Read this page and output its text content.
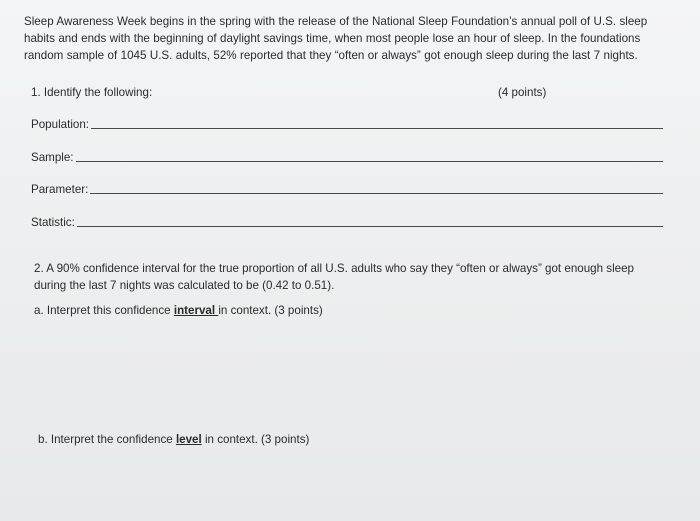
Sleep Awareness Week begins in the spring with the release of the National Sleep Foundation’s annual poll of U.S. sleep habits and ends with the beginning of daylight savings time, when most people lose an hour of sleep. In the foundations random sample of 1045 U.S. adults, 52% reported that they “often or always” got enough sleep during the last 7 nights.

1. Identify the following:	(4 points)
Population:
Sample:
Parameter:
Statistic:

2. A 90% confidence interval for the true proportion of all U.S. adults who say they “often or always” got enough sleep during the last 7 nights was calculated to be (0.42 to 0.51).

a. Interpret this confidence interval in context. (3 points)
b. Interpret the confidence level in context. (3 points)
